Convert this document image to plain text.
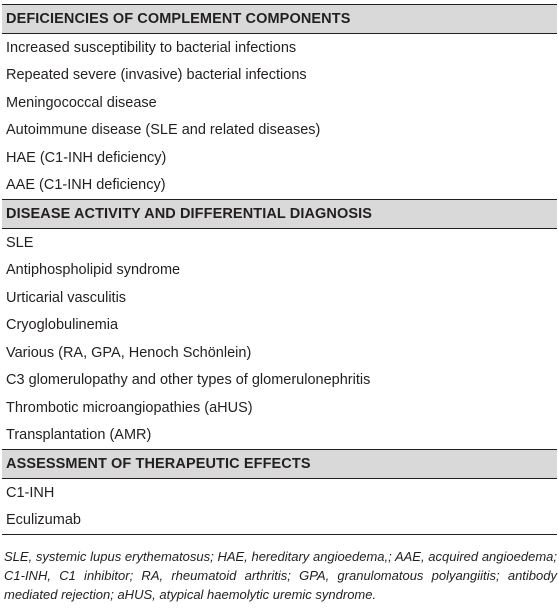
DEFICIENCIES OF COMPLEMENT COMPONENTS
Increased susceptibility to bacterial infections
Repeated severe (invasive) bacterial infections
Meningococcal disease
Autoimmune disease (SLE and related diseases)
HAE (C1-INH deficiency)
AAE (C1-INH deficiency)
DISEASE ACTIVITY AND DIFFERENTIAL DIAGNOSIS
SLE
Antiphospholipid syndrome
Urticarial vasculitis
Cryoglobulinemia
Various (RA, GPA, Henoch Schönlein)
C3 glomerulopathy and other types of glomerulonephritis
Thrombotic microangiopathies (aHUS)
Transplantation (AMR)
ASSESSMENT OF THERAPEUTIC EFFECTS
C1-INH
Eculizumab
SLE, systemic lupus erythematosus; HAE, hereditary angioedema,; AAE, acquired angioedema; C1-INH, C1 inhibitor; RA, rheumatoid arthritis; GPA, granulomatous polyangiitis; antibody mediated rejection; aHUS, atypical haemolytic uremic syndrome.
